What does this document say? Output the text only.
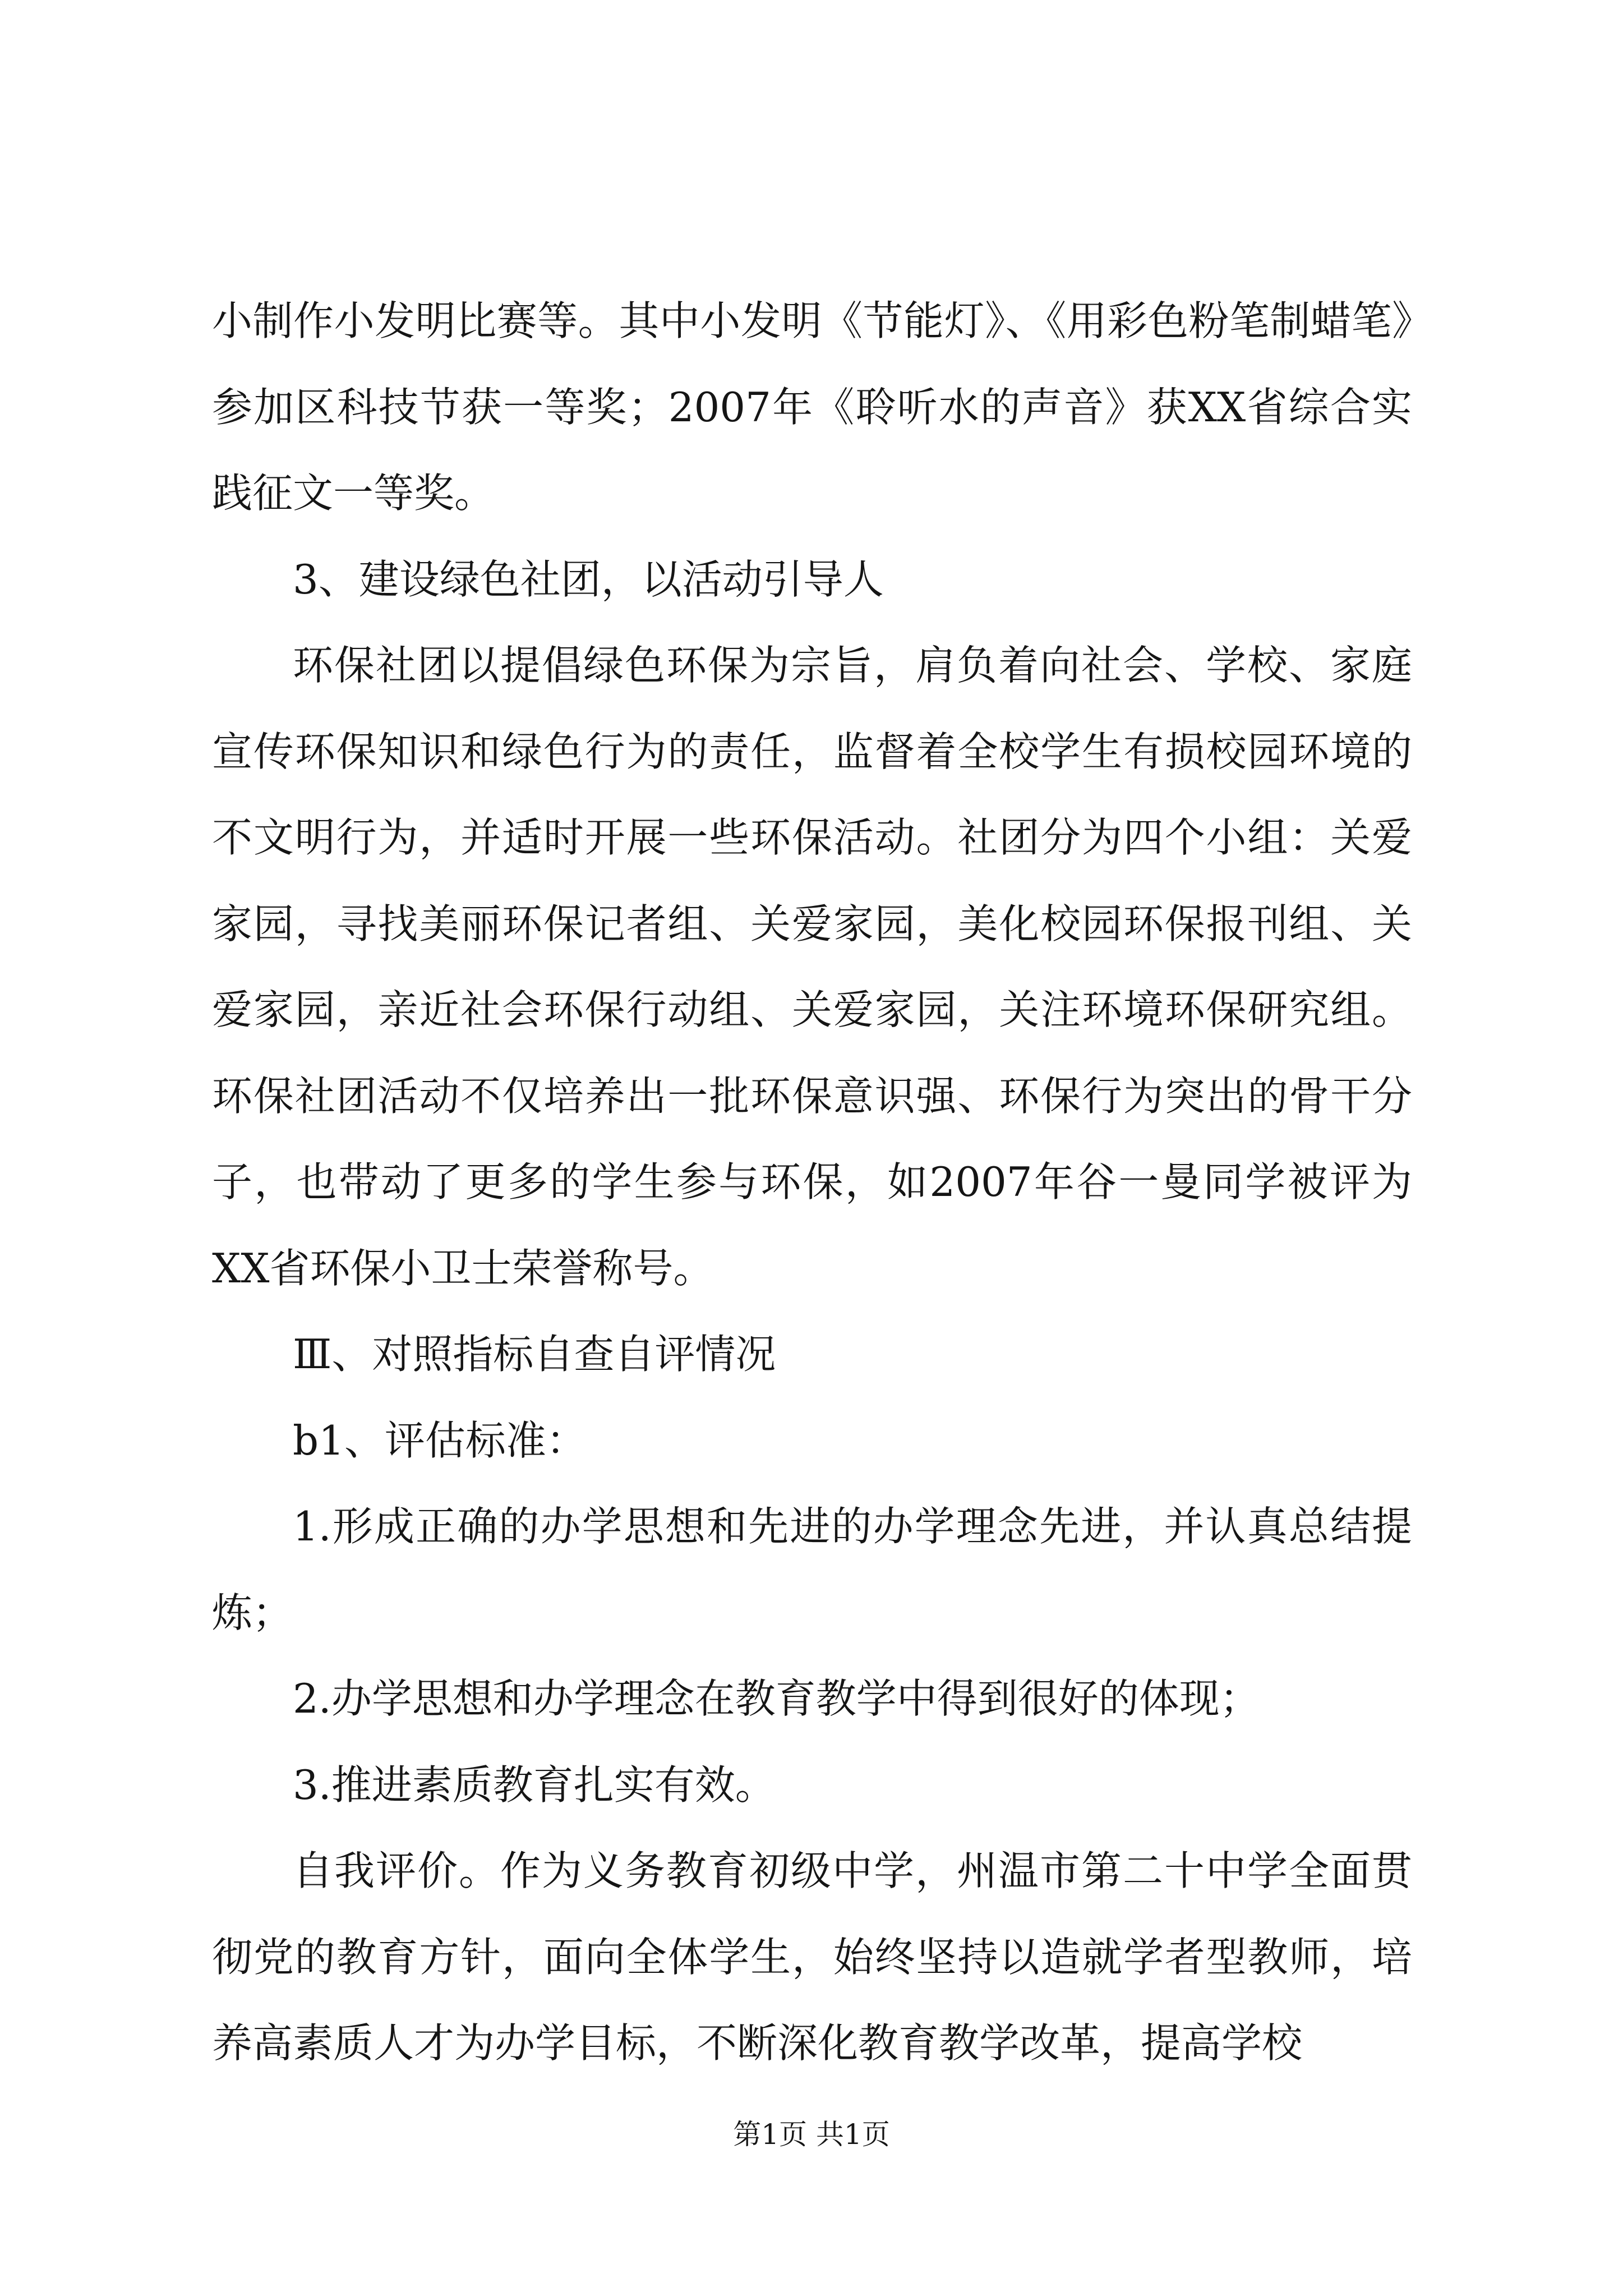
小制作小发明比赛等。其中小发明《节能灯》、《用彩色粉笔制蜡笔》参加区科技节获一等奖；2007年《聆听水的声音》获XX省综合实践征文一等奖。

3、建设绿色社团，以活动引导人

环保社团以提倡绿色环保为宗旨，肩负着向社会、学校、家庭宣传环保知识和绿色行为的责任，监督着全校学生有损校园环境的不文明行为，并适时开展一些环保活动。社团分为四个小组：关爱家园，寻找美丽环保记者组、关爱家园，美化校园环保报刊组、关爱家园，亲近社会环保行动组、关爱家园，关注环境环保研究组。环保社团活动不仅培养出一批环保意识强、环保行为突出的骨干分子，也带动了更多的学生参与环保，如2007年谷一曼同学被评为XX省环保小卫士荣誉称号。

Ⅲ、对照指标自查自评情况

b1、评估标准：

1.形成正确的办学思想和先进的办学理念先进，并认真总结提炼；

2.办学思想和办学理念在教育教学中得到很好的体现；

3.推进素质教育扎实有效。

自我评价。作为义务教育初级中学，州温市第二十中学全面贯彻党的教育方针，面向全体学生，始终坚持以造就学者型教师，培养高素质人才为办学目标，不断深化教育教学改革，提高学校

第1页 共1页
